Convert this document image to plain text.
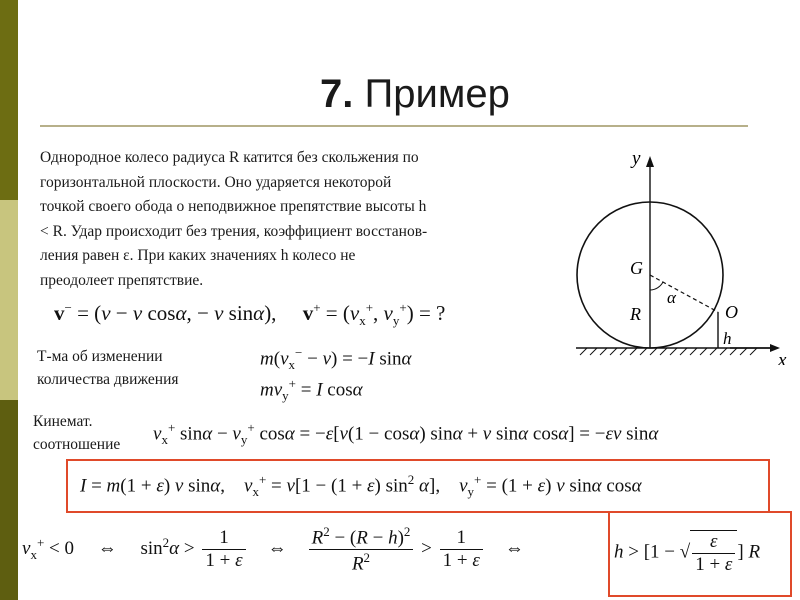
7. Пример
Однородное колесо радиуса R катится без скольжения по
горизонтальной плоскости. Оно ударяется некоторой
точкой своего обода о неподвижное препятствие высоты h
< R. Удар происходит без трения, коэффициент восстанов-
ления равен ε. При каких значениях h колесо не
преодолеет препятствие.
y
x
G
R
α
O
h
v− = (v − v cosα, − v sinα),     $v^+ = (v_x^+$, $v_y^+$) = ?
Т-ма об изменении
количества движения
$m(v_x^- - v) = -I$ sinα
$mv_y^+ = I$ cosα
Кинемат.
соотношение
$v_x^+$ $\sin\alpha - v_y^+$ cosα = −ε[v(1 − cosα) sinα + v sinα cosα] = −εv sinα
I = m(1 + ε) v sinα,    $v_x^+ = v[1 - (1 + \varepsilon)$ $\sin^2 \alpha$],    $v_y^+ = (1 + \varepsilon)$ v sinα cosα
$v_x^+ < 0$     ⇔     $\sin^2\alpha > \frac{1}{1 + \varepsilon}$ ⇔ $\frac{R^2 - (R - h)^2}{R^2} > \frac{1}{1 + \varepsilon}$ ⇔	h > [1 − √ $\frac{\varepsilon}{1 + \varepsilon}$ ] R
